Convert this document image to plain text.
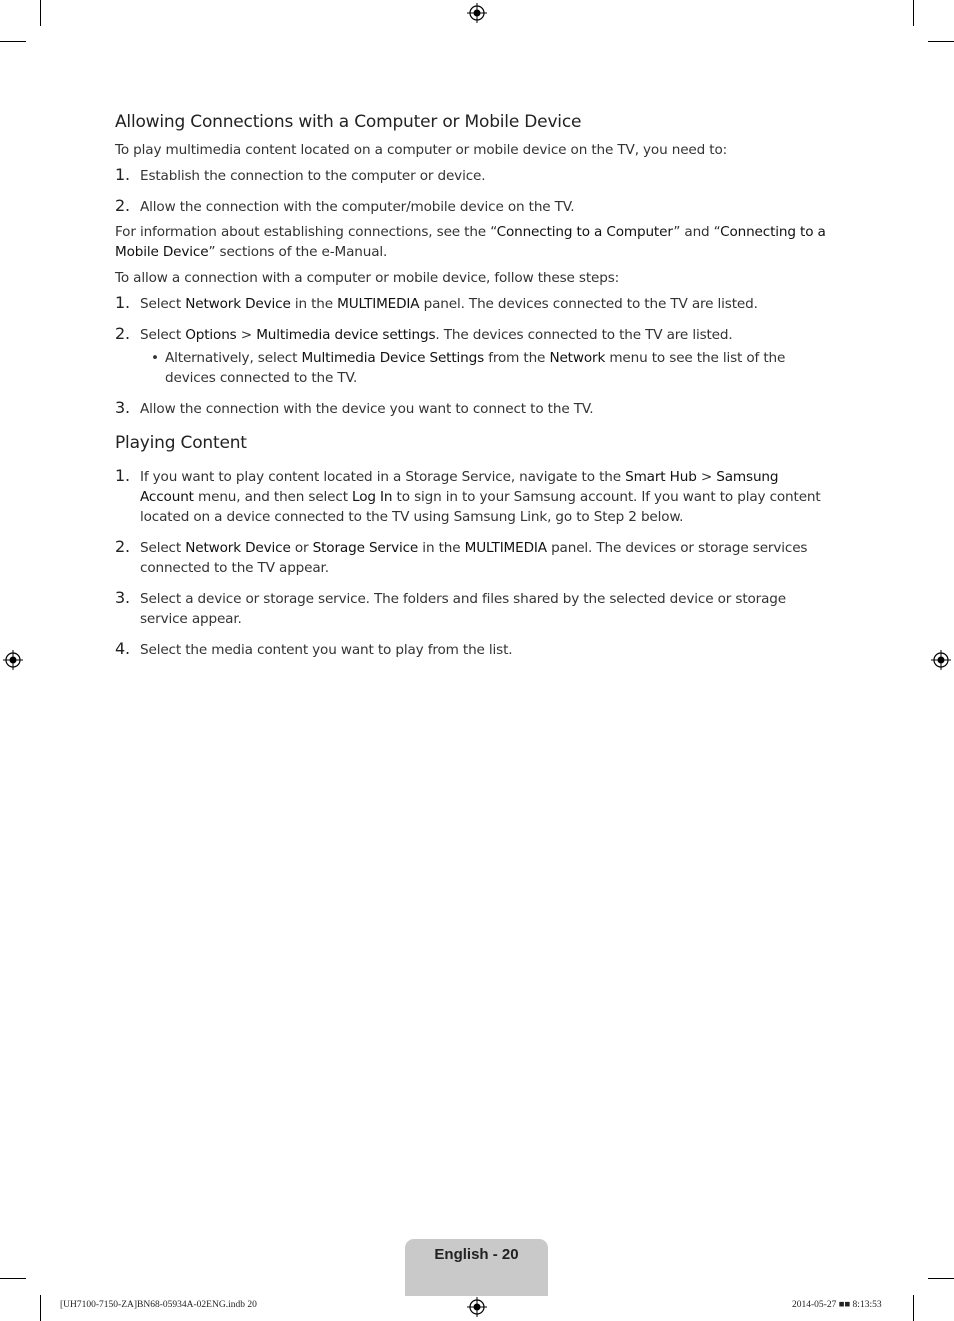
Allowing Connections with a Computer or Mobile Device

To play multimedia content located on a computer or mobile device on the TV, you need to:

1. Establish the connection to the computer or device.
2. Allow the connection with the computer/mobile device on the TV.

For information about establishing connections, see the “Connecting to a Computer” and “Connecting to a Mobile Device” sections of the e-Manual.

To allow a connection with a computer or mobile device, follow these steps:

1. Select Network Device in the MULTIMEDIA panel. The devices connected to the TV are listed.
2. Select Options > Multimedia device settings. The devices connected to the TV are listed.
• Alternatively, select Multimedia Device Settings from the Network menu to see the list of the devices connected to the TV.
3. Allow the connection with the device you want to connect to the TV.
Playing Content
1. If you want to play content located in a Storage Service, navigate to the Smart Hub > Samsung Account menu, and then select Log In to sign in to your Samsung account. If you want to play content located on a device connected to the TV using Samsung Link, go to Step 2 below.
2. Select Network Device or Storage Service in the MULTIMEDIA panel. The devices or storage services connected to the TV appear.
3. Select a device or storage service. The folders and files shared by the selected device or storage service appear.
4. Select the media content you want to play from the list.
English - 20
[UH7100-7150-ZA]BN68-05934A-02ENG.indb 20	2014-05-27 ■■ 8:13:53
